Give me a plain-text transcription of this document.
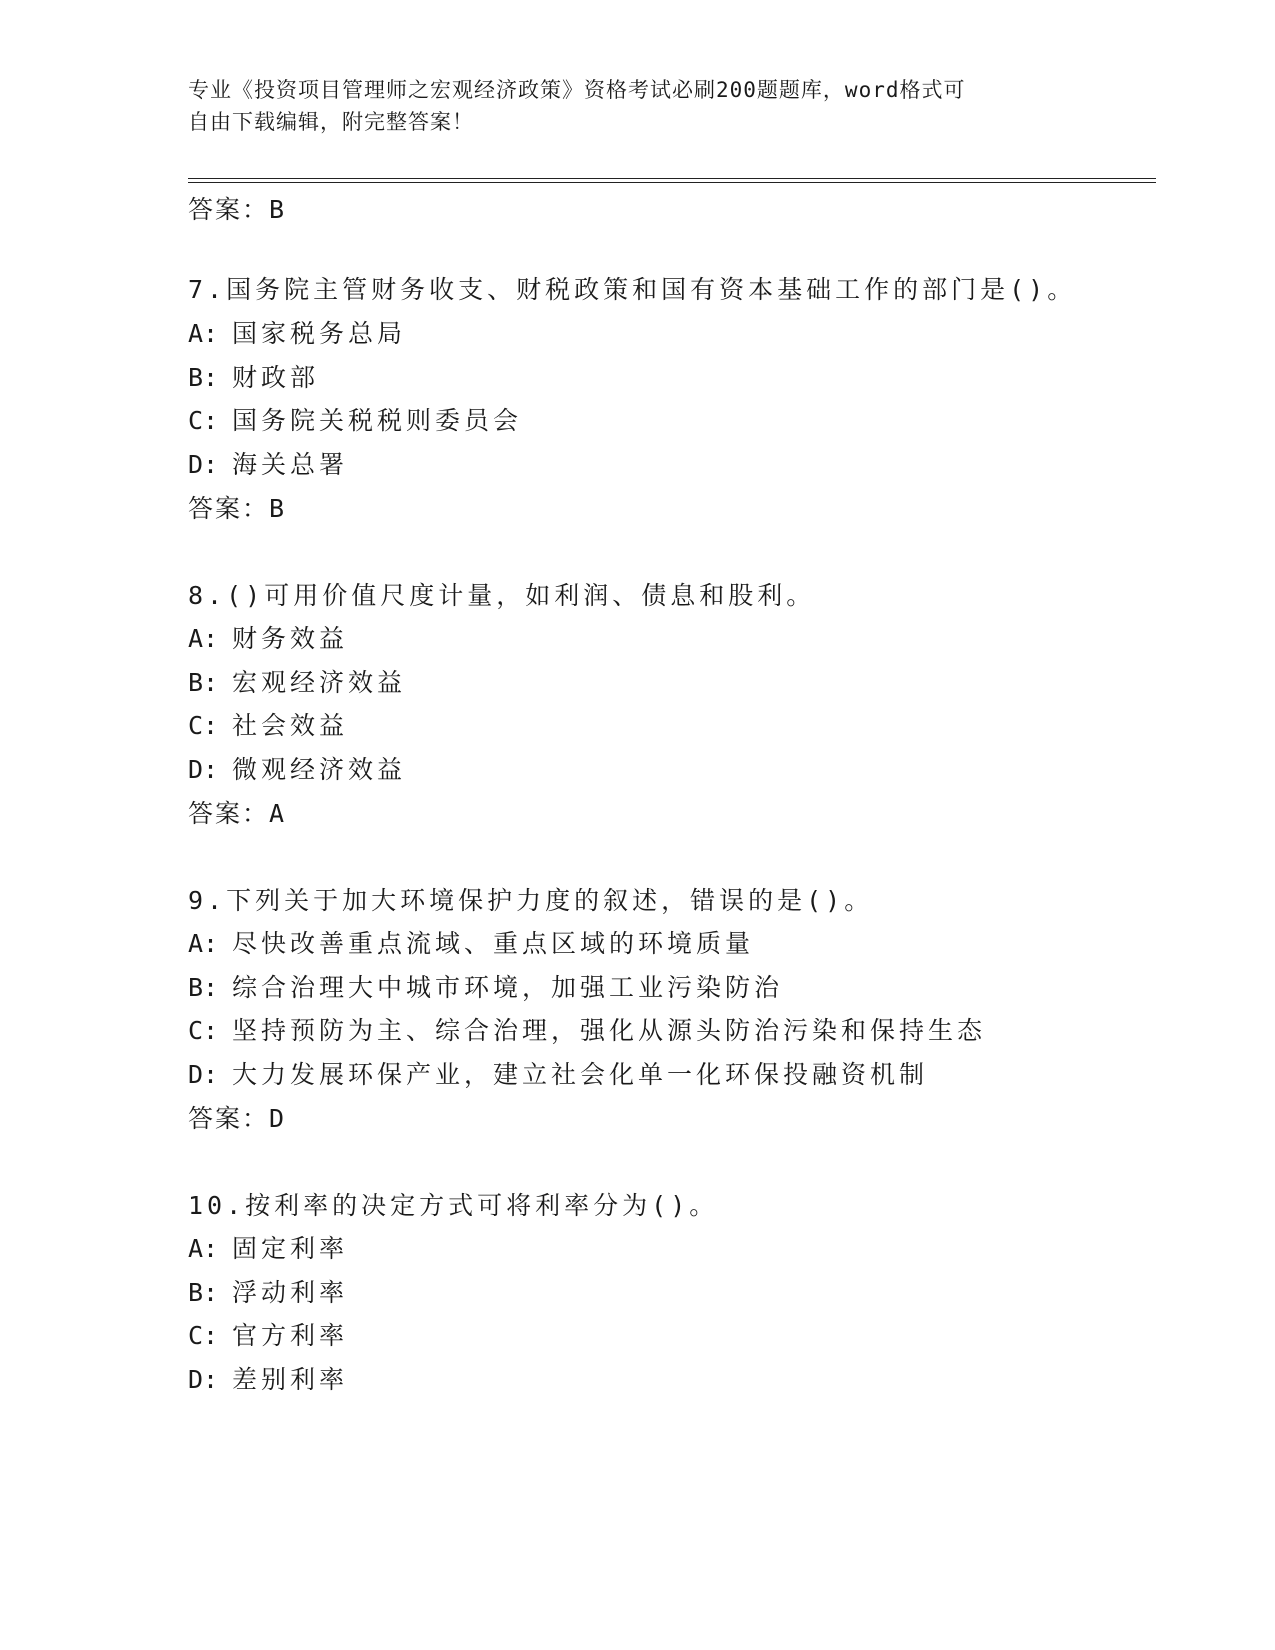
专业《投资项目管理师之宏观经济政策》资格考试必刷200题题库，word格式可
自由下载编辑，附完整答案！
答案：B
7.国务院主管财务收支、财税政策和国有资本基础工作的部门是()。
A: 国家税务总局
B: 财政部
C: 国务院关税税则委员会
D: 海关总署
答案：B
8.()可用价值尺度计量，如利润、债息和股利。
A: 财务效益
B: 宏观经济效益
C: 社会效益
D: 微观经济效益
答案：A
9.下列关于加大环境保护力度的叙述，错误的是()。
A: 尽快改善重点流域、重点区域的环境质量
B: 综合治理大中城市环境，加强工业污染防治
C: 坚持预防为主、综合治理，强化从源头防治污染和保持生态
D: 大力发展环保产业，建立社会化单一化环保投融资机制
答案：D
10.按利率的决定方式可将利率分为()。
A: 固定利率
B: 浮动利率
C: 官方利率
D: 差别利率
